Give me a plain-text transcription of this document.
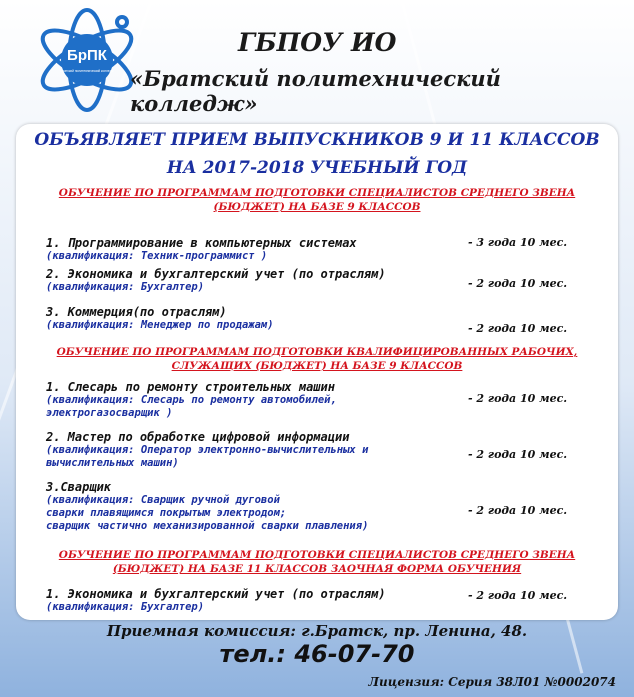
БрПК
Братский политехнический колледж
ГБПОУ ИО
«Братский политехнический колледж»
ОБЪЯВЛЯЕТ ПРИЕМ ВЫПУСКНИКОВ 9 И 11 КЛАССОВ
НА 2017-2018 УЧЕБНЫЙ ГОД
ОБУЧЕНИЕ ПО ПРОГРАММАМ ПОДГОТОВКИ СПЕЦИАЛИСТОВ СРЕДНЕГО ЗВЕНА
(БЮДЖЕТ) НА БАЗЕ 9 КЛАССОВ
1. Программирование в компьютерных системах
(квалификация: Техник-программист )
- 3 года 10 мес.
2. Экономика и бухгалтерский учет (по отраслям)
(квалификация: Бухгалтер)	- 2 года 10 мес.
3. Коммерция(по отраслям)
(квалификация: Менеджер по продажам)	- 2 года 10 мес.
ОБУЧЕНИЕ ПО ПРОГРАММАМ ПОДГОТОВКИ КВАЛИФИЦИРОВАННЫХ РАБОЧИХ,
СЛУЖАЩИХ (БЮДЖЕТ) НА БАЗЕ 9 КЛАССОВ
1. Слесарь по ремонту строительных машин
(квалификация: Слесарь по ремонту автомобилей,
электрогазосварщик )
- 2 года 10 мес.
2. Мастер по обработке цифровой информации
(квалификация: Оператор электронно-вычислительных и
вычислительных машин)
- 2 года 10 мес.
3.Сварщик
(квалификация: Сварщик ручной дуговой
сварки плавящимся покрытым электродом;
сварщик частично механизированной сварки плавления)
- 2 года 10 мес.
ОБУЧЕНИЕ ПО ПРОГРАММАМ ПОДГОТОВКИ СПЕЦИАЛИСТОВ СРЕДНЕГО ЗВЕНА
(БЮДЖЕТ) НА БАЗЕ 11 КЛАССОВ ЗАОЧНАЯ ФОРМА ОБУЧЕНИЯ
1. Экономика и бухгалтерский учет (по отраслям)
(квалификация: Бухгалтер)
- 2 года 10 мес.
Приемная комиссия: г.Братск, пр. Ленина, 48.
тел.: 46-07-70
Лицензия: Серия 38Л01 №0002074
